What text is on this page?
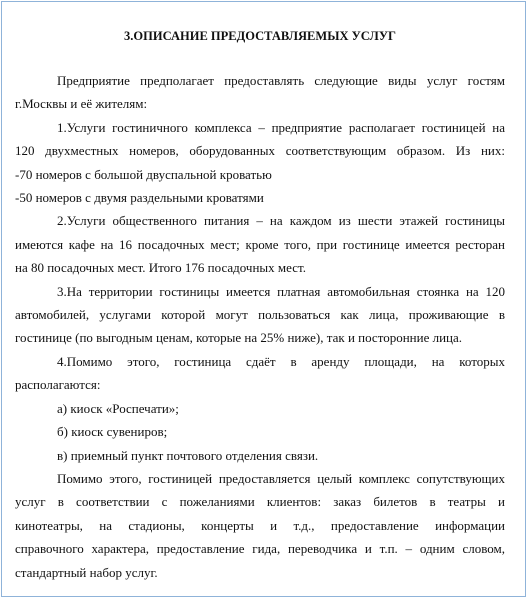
3.ОПИСАНИЕ ПРЕДОСТАВЛЯЕМЫХ УСЛУГ

Предприятие предполагает предоставлять следующие виды услуг гостям

г.Москвы и её жителям:

1.Услуги гостиничного комплекса – предприятие располагает гостиницей на

120 двухместных номеров, оборудованных соответствующим образом. Из них:

-70 номеров с большой двуспальной кроватью

-50 номеров с двумя раздельными кроватями

2.Услуги общественного питания – на каждом из шести этажей гостиницы

имеются кафе на 16 посадочных мест; кроме того, при гостинице имеется ресторан

на 80 посадочных мест. Итого 176 посадочных мест.

3.На территории гостиницы имеется платная автомобильная стоянка на 120

автомобилей, услугами которой могут пользоваться как лица, проживающие в

гостинице (по выгодным ценам, которые на 25% ниже), так и посторонние лица.

4.Помимо этого, гостиница сдаёт в аренду площади, на которых

располагаются:

а) киоск «Роспечати»;

б) киоск сувениров;

в) приемный пункт почтового отделения связи.

Помимо этого, гостиницей предоставляется целый комплекс сопутствующих

услуг в соответствии с пожеланиями клиентов: заказ билетов в театры и

кинотеатры, на стадионы, концерты и т.д., предоставление информации

справочного характера, предоставление гида, переводчика и т.п. – одним словом,

стандартный набор услуг.
